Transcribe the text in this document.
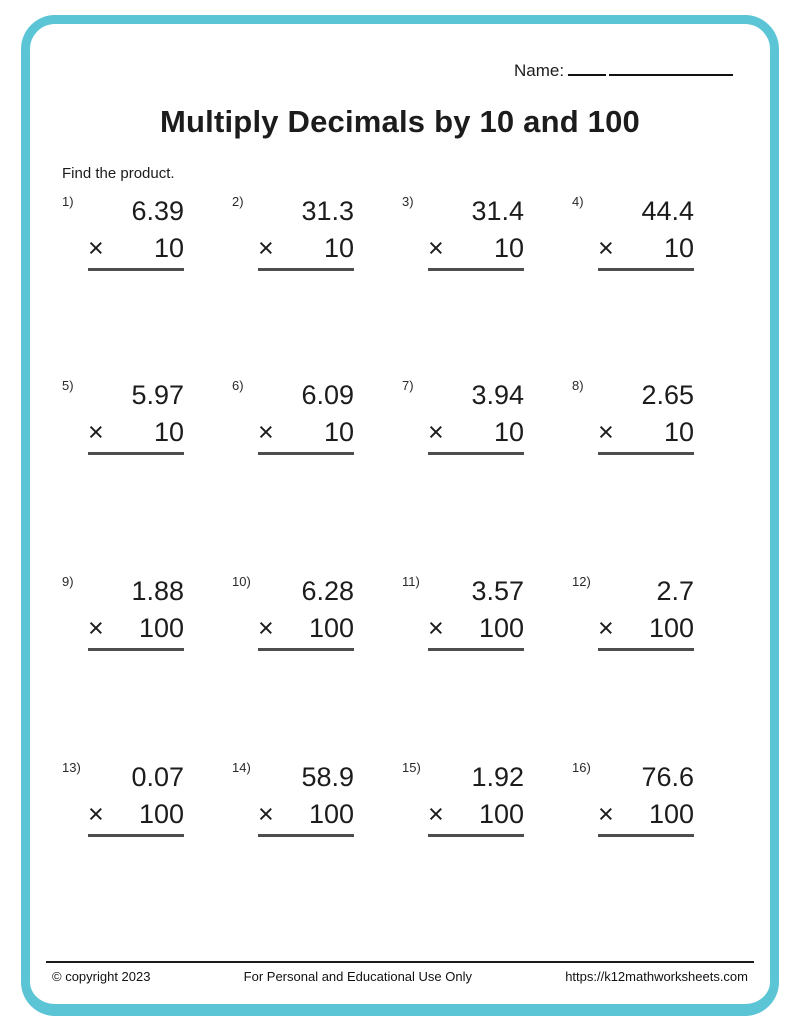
Name:
Multiply Decimals by 10 and 100
Find the product.
1)	6.39
× 10
2)	31.3
× 10
3)	31.4
× 10
4)	44.4
× 10
5)	5.97
× 10
6)	6.09
× 10
7)	3.94
× 10
8)	2.65
× 10
9)	1.88
× 100
10)	6.28
× 100
11)	3.57
× 100
12)	2.7
× 100
13)	0.07
× 100
14)	58.9
× 100
15)	1.92
× 100
16)	76.6
× 100
© copyright 2023	For Personal and Educational Use Only	https://k12mathworksheets.com
